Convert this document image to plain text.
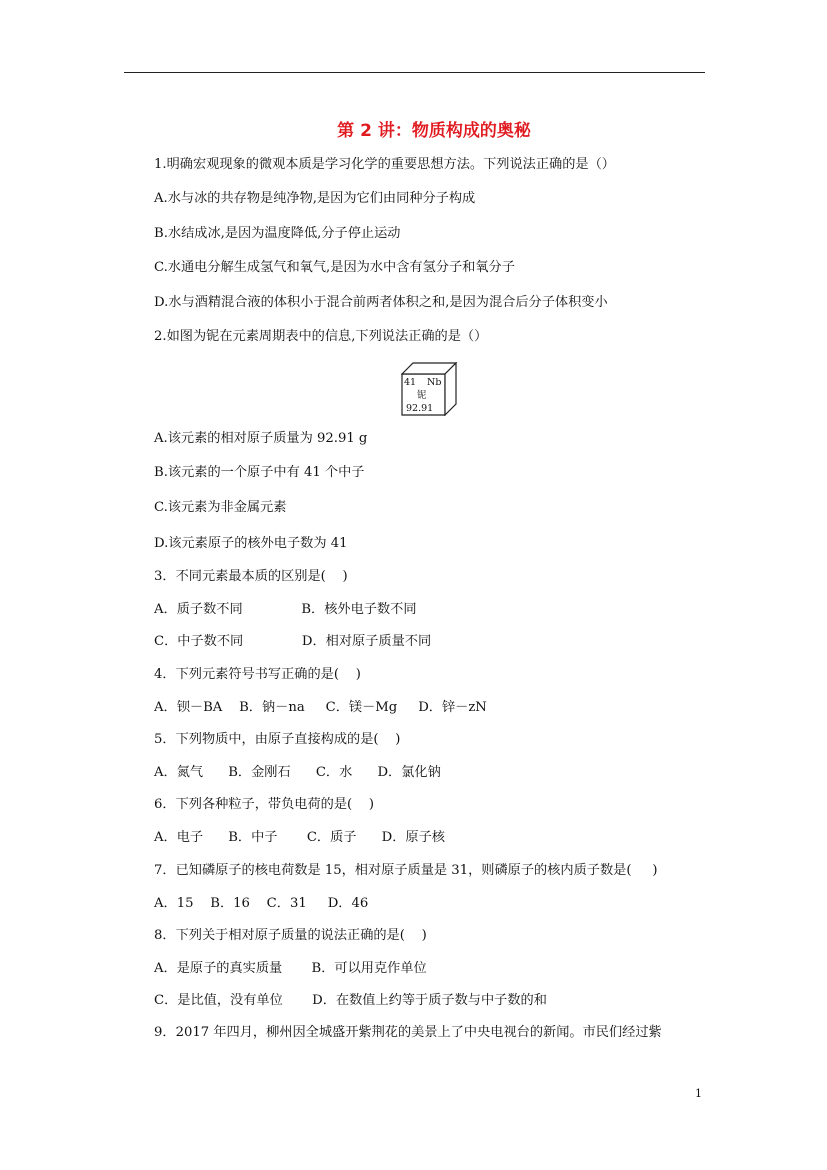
第 2 讲：物质构成的奥秘
1.明确宏观现象的微观本质是学习化学的重要思想方法。下列说法正确的是（）
A.水与冰的共存物是纯净物,是因为它们由同种分子构成
B.水结成冰,是因为温度降低,分子停止运动
C.水通电分解生成氢气和氧气,是因为水中含有氢分子和氧分子
D.水与酒精混合液的体积小于混合前两者体积之和,是因为混合后分子体积变小
2.如图为铌在元素周期表中的信息,下列说法正确的是（）
41 Nb
铌
92.91
A.该元素的相对原子质量为 92.91 g
B.该元素的一个原子中有 41 个中子
C.该元素为非金属元素
D.该元素原子的核外电子数为 41
3．不同元素最本质的区别是(    )
A．质子数不同              B．核外电子数不同
C．中子数不同              D．相对原子质量不同
4．下列元素符号书写正确的是(    )
A．钡－BA    B．钠－na     C．镁－Mg     D．锌－zN
5．下列物质中，由原子直接构成的是(    )
A．氮气      B．金刚石      C．水      D．氯化钠
6．下列各种粒子，带负电荷的是(    )
A．电子      B．中子       C．质子      D．原子核
7．已知磷原子的核电荷数是 15，相对原子质量是 31，则磷原子的核内质子数是(     )
A．15    B．16    C．31     D．46
8．下列关于相对原子质量的说法正确的是(    )
A．是原子的真实质量       B．可以用克作单位
C．是比值，没有单位       D．在数值上约等于质子数与中子数的和
9．2017 年四月，柳州因全城盛开紫荆花的美景上了中央电视台的新闻。市民们经过紫
1
